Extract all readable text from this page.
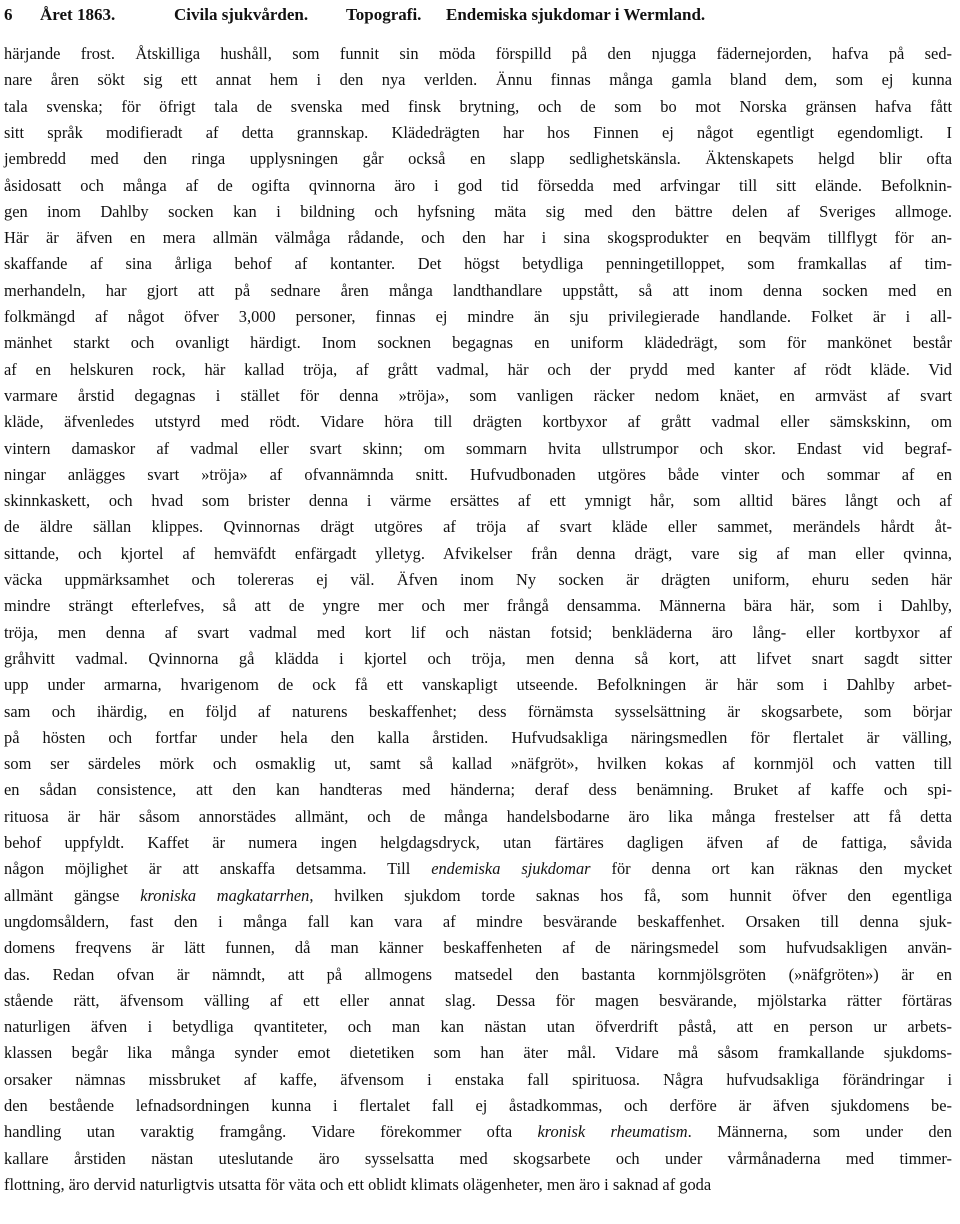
6 Året 1863.	Civila sjukvården. Topografi. Endemiska sjukdomar i Wermland.
härjande frost. Åtskilliga hushåll, som funnit sin möda förspilld på den njugga fädernejorden, hafva på sed-
nare åren sökt sig ett annat hem i den nya verlden. Ännu finnas många gamla bland dem, som ej kunna
tala svenska; för öfrigt tala de svenska med finsk brytning, och de som bo mot Norska gränsen hafva fått
sitt språk modifieradt af detta grannskap. Klädedrägten har hos Finnen ej något egentligt egendomligt. I
jembredd med den ringa upplysningen går också en slapp sedlighetskänsla. Äktenskapets helgd blir ofta
åsidosatt och många af de ogifta qvinnorna äro i god tid försedda med arfvingar till sitt elände. Befolknin-
gen inom Dahlby socken kan i bildning och hyfsning mäta sig med den bättre delen af Sveriges allmoge.
Här är äfven en mera allmän välmåga rådande, och den har i sina skogsprodukter en beqväm tillflygt för an-
skaffande af sina årliga behof af kontanter. Det högst betydliga penningetilloppet, som framkallas af tim-
merhandeln, har gjort att på sednare åren många landthandlare uppstått, så att inom denna socken med en
folkmängd af något öfver 3,000 personer, finnas ej mindre än sju privilegierade handlande. Folket är i all-
mänhet starkt och ovanligt härdigt. Inom socknen begagnas en uniform klädedrägt, som för mankönet består
af en helskuren rock, här kallad tröja, af grått vadmal, här och der prydd med kanter af rödt kläde. Vid
varmare årstid degagnas i stället för denna »tröja», som vanligen räcker nedom knäet, en armväst af svart
kläde, äfvenledes utstyrd med rödt. Vidare höra till drägten kortbyxor af grått vadmal eller sämskskinn, om
vintern damaskor af vadmal eller svart skinn; om sommarn hvita ullstrumpor och skor. Endast vid begraf-
ningar anlägges svart »tröja» af ofvannämnda snitt. Hufvudbonaden utgöres både vinter och sommar af en
skinnkaskett, och hvad som brister denna i värme ersättes af ett ymnigt hår, som alltid bäres långt och af
de äldre sällan klippes. Qvinnornas drägt utgöres af tröja af svart kläde eller sammet, merändels hårdt åt-
sittande, och kjortel af hemväfdt enfärgadt ylletyg. Afvikelser från denna drägt, vare sig af man eller qvinna,
väcka uppmärksamhet och tolereras ej väl. Äfven inom Ny socken är drägten uniform, ehuru seden här
mindre strängt efterlefves, så att de yngre mer och mer frångå densamma. Männerna bära här, som i Dahlby,
tröja, men denna af svart vadmal med kort lif och nästan fotsid; benkläderna äro lång- eller kortbyxor af
gråhvitt vadmal. Qvinnorna gå klädda i kjortel och tröja, men denna så kort, att lifvet snart sagdt sitter
upp under armarna, hvarigenom de ock få ett vanskapligt utseende. Befolkningen är här som i Dahlby arbet-
sam och ihärdig, en följd af naturens beskaffenhet; dess förnämsta sysselsättning är skogsarbete, som börjar
på hösten och fortfar under hela den kalla årstiden. Hufvudsakliga näringsmedlen för flertalet är välling,
som ser särdeles mörk och osmaklig ut, samt så kallad »näfgröt», hvilken kokas af kornmjöl och vatten till
en sådan consistence, att den kan handteras med händerna; deraf dess benämning. Bruket af kaffe och spi-
rituosa är här såsom annorstädes allmänt, och de många handelsbodarne äro lika många frestelser att få detta
behof uppfyldt. Kaffet är numera ingen helgdagsdryck, utan färtäres dagligen äfven af de fattiga, såvida
någon möjlighet är att anskaffa detsamma. Till endemiska sjukdomar för denna ort kan räknas den mycket
allmänt gängse kroniska magkatarrhen, hvilken sjukdom torde saknas hos få, som hunnit öfver den egentliga
ungdomsåldern, fast den i många fall kan vara af mindre besvärande beskaffenhet. Orsaken till denna sjuk-
domens freqvens är lätt funnen, då man känner beskaffenheten af de näringsmedel som hufvudsakligen använ-
das. Redan ofvan är nämndt, att på allmogens matsedel den bastanta kornmjölsgröten (»näfgröten») är en
stående rätt, äfvensom välling af ett eller annat slag. Dessa för magen besvärande, mjölstarka rätter förtäras
naturligen äfven i betydliga qvantiteter, och man kan nästan utan öfverdrift påstå, att en person ur arbets-
klassen begår lika många synder emot dietetiken som han äter mål. Vidare må såsom framkallande sjukdoms-
orsaker nämnas missbruket af kaffe, äfvensom i enstaka fall spirituosa. Några hufvudsakliga förändringar i
den bestående lefnadsordningen kunna i flertalet fall ej åstadkommas, och derföre är äfven sjukdomens be-
handling utan varaktig framgång. Vidare förekommer ofta kronisk rheumatism. Männerna, som under den
kallare årstiden nästan uteslutande äro sysselsatta med skogsarbete och under vårmånaderna med timmer-
flottning, äro dervid naturligtvis utsatta för väta och ett oblidt klimats olägenheter, men äro i saknad af goda
